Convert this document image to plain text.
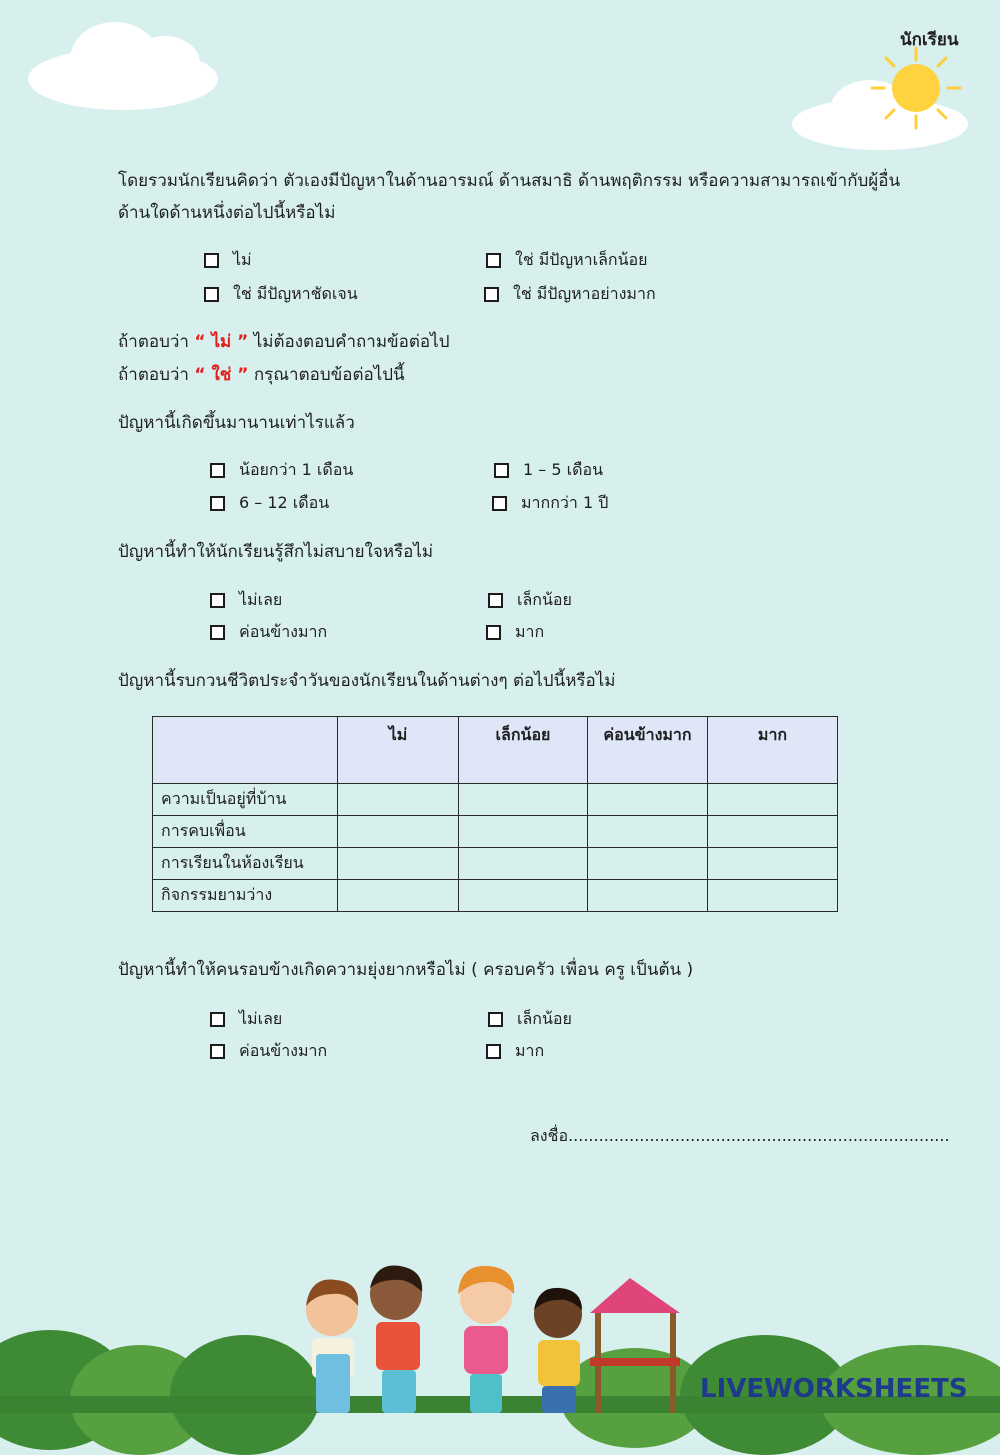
นักเรียน
โดยรวมนักเรียนคิดว่า ตัวเองมีปัญหาในด้านอารมณ์ ด้านสมาธิ ด้านพฤติกรรม หรือความสามารถเข้ากับผู้อื่น
ด้านใดด้านหนึ่งต่อไปนี้หรือไม่
ไม่	ใช่ มีปัญหาเล็กน้อย
ใช่ มีปัญหาชัดเจน	ใช่ มีปัญหาอย่างมาก
ถ้าตอบว่า “ ไม่ ” ไม่ต้องตอบคำถามข้อต่อไป
ถ้าตอบว่า “ ใช่ ” กรุณาตอบข้อต่อไปนี้
ปัญหานี้เกิดขึ้นมานานเท่าไรแล้ว
น้อยกว่า 1 เดือน	1 – 5 เดือน
6 – 12 เดือน	มากกว่า 1 ปี
ปัญหานี้ทำให้นักเรียนรู้สึกไม่สบายใจหรือไม่
ไม่เลย	เล็กน้อย
ค่อนข้างมาก	มาก
ปัญหานี้รบกวนชีวิตประจำวันของนักเรียนในด้านต่างๆ ต่อไปนี้หรือไม่
	ไม่	เล็กน้อย	ค่อนข้างมาก	มาก
ความเป็นอยู่ที่บ้าน				
การคบเพื่อน				
การเรียนในห้องเรียน				
กิจกรรมยามว่าง				
ปัญหานี้ทำให้คนรอบข้างเกิดความยุ่งยากหรือไม่ ( ครอบครัว เพื่อน ครู เป็นต้น )
ไม่เลย	เล็กน้อย
ค่อนข้างมาก	มาก
ลงชื่อ...........................................................................
LIVEWORKSHEETS
